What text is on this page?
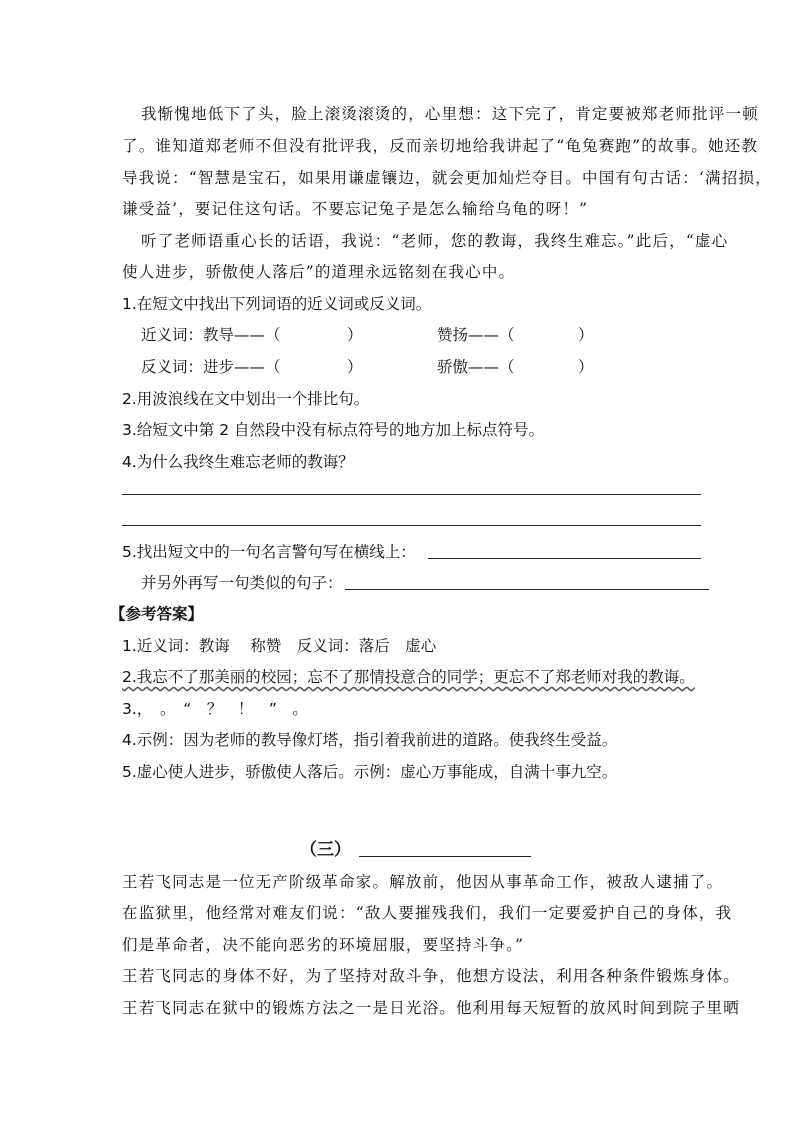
我惭愧地低下了头，脸上滚烫滚烫的，心里想：这下完了，肯定要被郑老师批评一顿
了。谁知道郑老师不但没有批评我，反而亲切地给我讲起了“龟兔赛跑”的故事。她还教
导我说：“智慧是宝石，如果用谦虚镶边，就会更加灿烂夺目。中国有句古话：‘满招损，
谦受益’，要记住这句话。不要忘记兔子是怎么输给乌龟的呀！”
听了老师语重心长的话语，我说：“老师，您的教诲，我终生难忘。”此后，“虚心
使人进步，骄傲使人落后”的道理永远铭刻在我心中。
1.在短文中找出下列词语的近义词或反义词。
近义词：教导——（	）	赞扬——（	）
反义词：进步——（	）	骄傲——（	）
2.用波浪线在文中划出一个排比句。
3.给短文中第 2 自然段中没有标点符号的地方加上标点符号。
4.为什么我终生难忘老师的教诲？
5.找出短文中的一句名言警句写在横线上：
并另外再写一句类似的句子：
【参考答案】
1.近义词：教诲　 称赞　反义词：落后　虚心
2.我忘不了那美丽的校园；忘不了那情投意合的同学；更忘不了郑老师对我的教诲。
3.，　。　“　？　！　”　。
4.示例：因为老师的教导像灯塔，指引着我前进的道路。使我终生受益。
5.虚心使人进步，骄傲使人落后。示例：虚心万事能成，自满十事九空。
（三）
王若飞同志是一位无产阶级革命家。解放前，他因从事革命工作，被敌人逮捕了。
在监狱里，他经常对难友们说：“敌人要摧残我们，我们一定要爱护自己的身体，我
们是革命者，决不能向恶劣的环境屈服，要坚持斗争。”
王若飞同志的身体不好，为了坚持对敌斗争，他想方设法，利用各种条件锻炼身体。
王若飞同志在狱中的锻炼方法之一是日光浴。他利用每天短暂的放风时间到院子里晒
